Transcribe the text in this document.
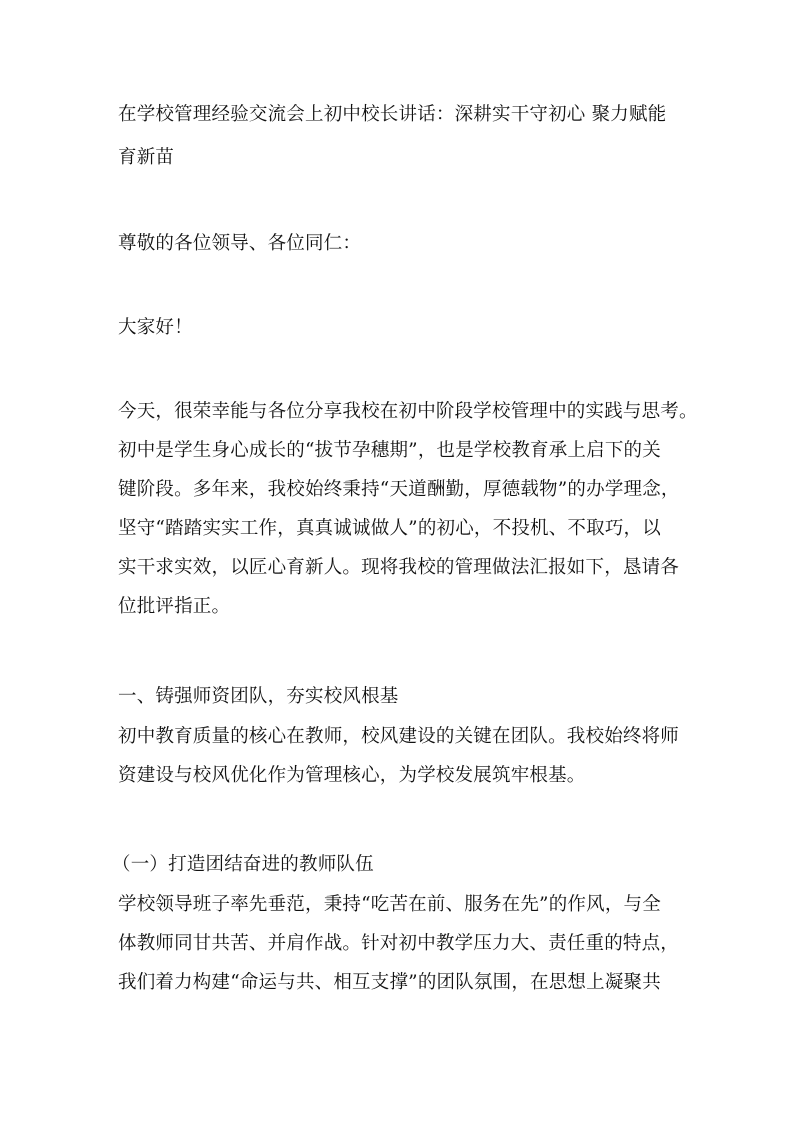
在学校管理经验交流会上初中校长讲话：深耕实干守初心 聚力赋能
育新苗
尊敬的各位领导、各位同仁：
大家好！
今天，很荣幸能与各位分享我校在初中阶段学校管理中的实践与思考。
初中是学生身心成长的“拔节孕穗期”，也是学校教育承上启下的关
键阶段。多年来，我校始终秉持“天道酬勤，厚德载物”的办学理念，
坚守“踏踏实实工作，真真诚诚做人”的初心，不投机、不取巧，以
实干求实效，以匠心育新人。现将我校的管理做法汇报如下，恳请各
位批评指正。
一、铸强师资团队，夯实校风根基
初中教育质量的核心在教师，校风建设的关键在团队。我校始终将师
资建设与校风优化作为管理核心，为学校发展筑牢根基。
（一）打造团结奋进的教师队伍
学校领导班子率先垂范，秉持“吃苦在前、服务在先”的作风，与全
体教师同甘共苦、并肩作战。针对初中教学压力大、责任重的特点，
我们着力构建“命运与共、相互支撑”的团队氛围，在思想上凝聚共
